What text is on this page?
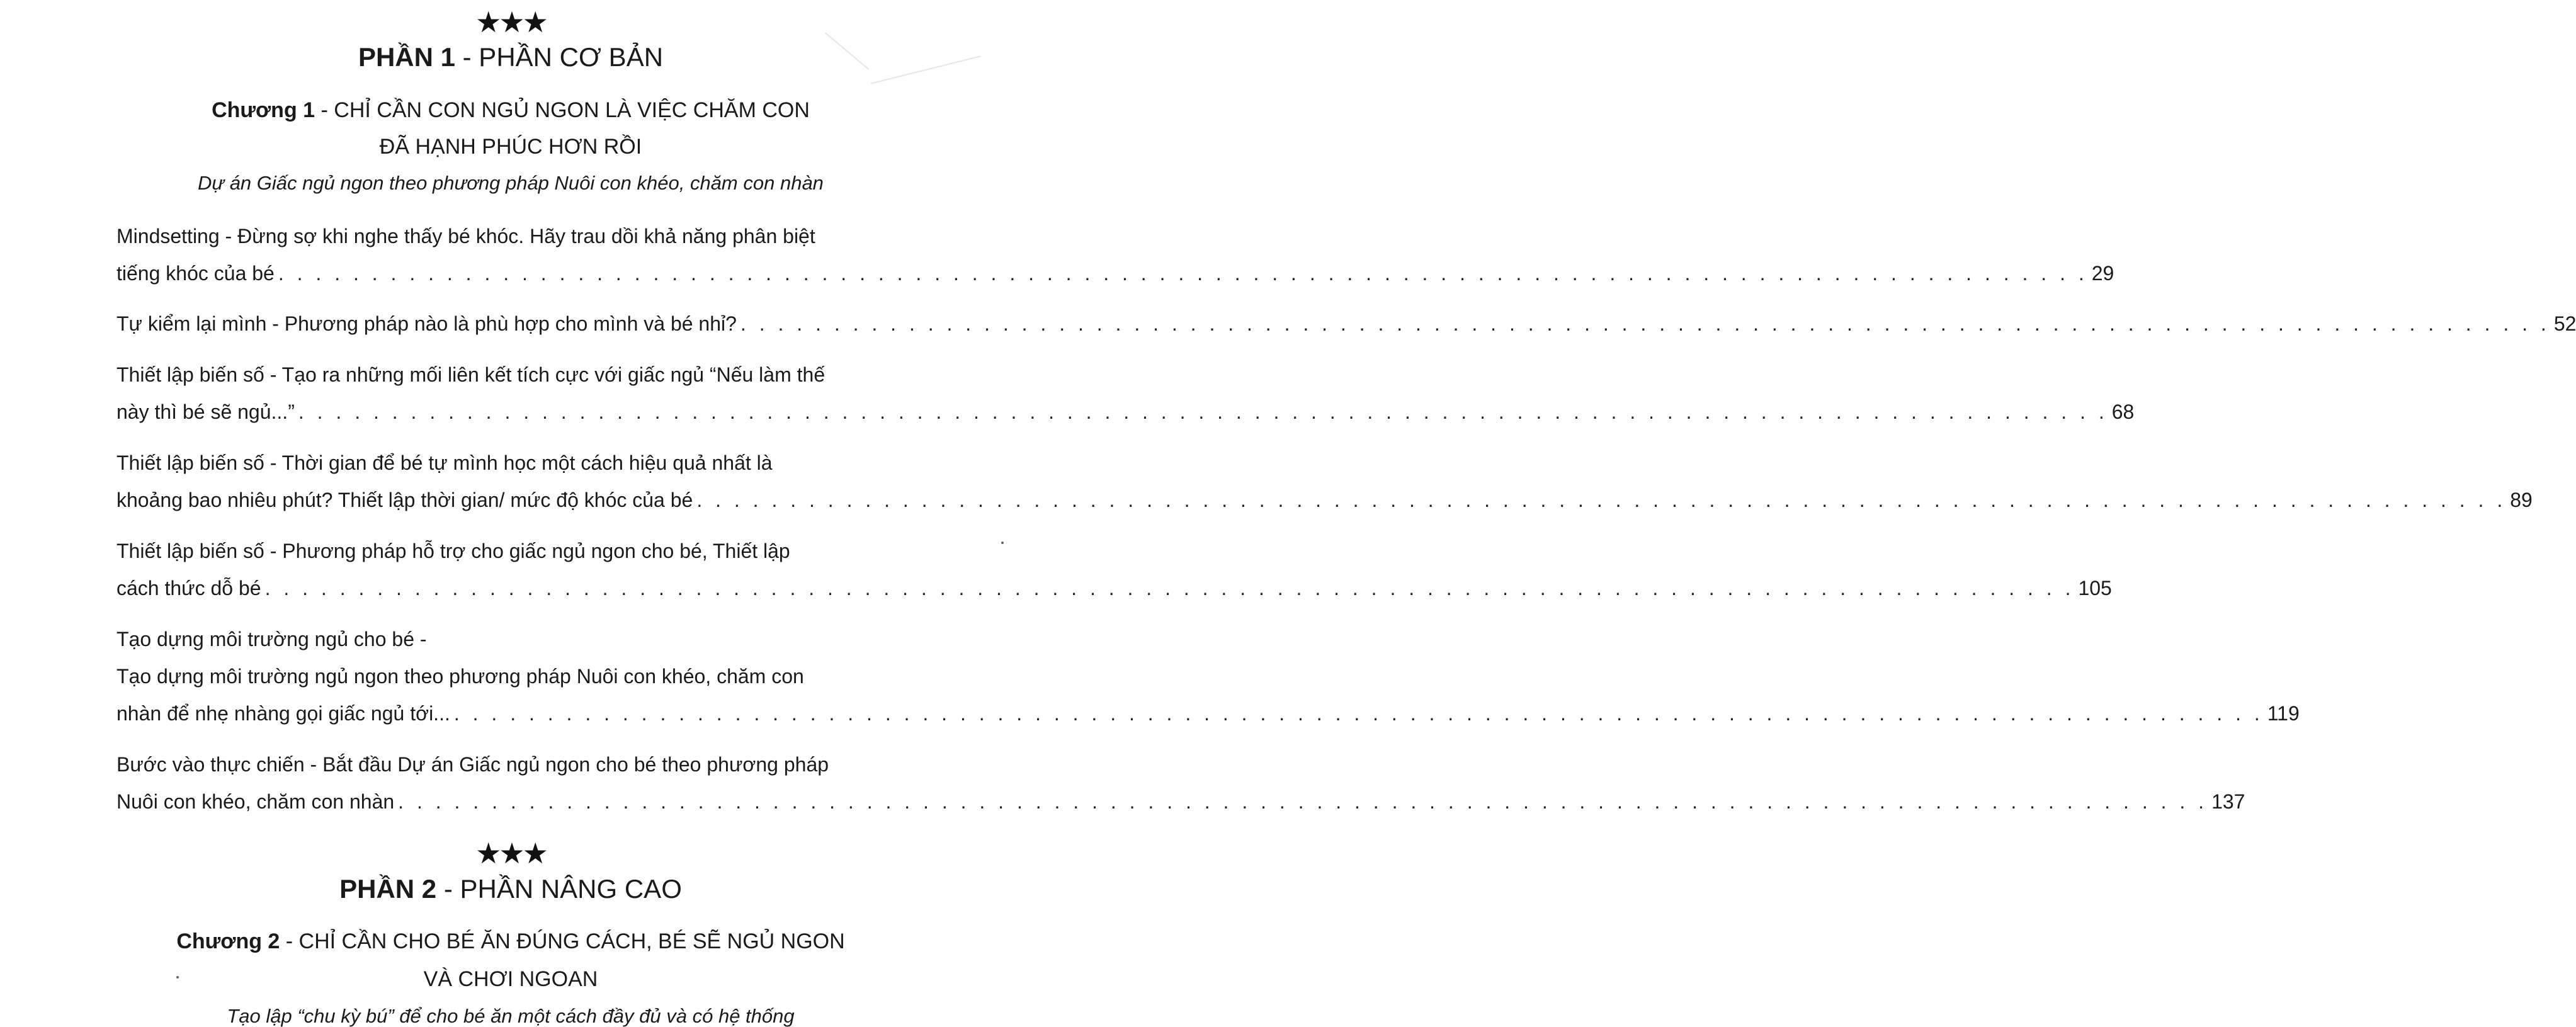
★★★
PHẦN 1 - PHẦN CƠ BẢN
Chương 1 - CHỈ CẦN CON NGỦ NGON LÀ VIỆC CHĂM CON
ĐÃ HẠNH PHÚC HƠN RỒI
Dự án Giấc ngủ ngon theo phương pháp Nuôi con khéo, chăm con nhàn
Mindsetting - Đừng sợ khi nghe thấy bé khóc. Hãy trau dồi khả năng phân biệt
tiếng khóc của bé . . . . . . . . . . . . . . . . . . . . . . . . . . . . . . . . . . . . . . . . . . . . . . . . . . . . . . . . . . . . . . . . . . . . . . . . . . . . . . . . . . . . . . . . . . . . . . . . . 29
Tự kiểm lại mình - Phương pháp nào là phù hợp cho mình và bé nhỉ? . . . . . . . . . . . . . . . . . . . . . . . . . . . . . . . . . . . . . . . . . . . . . . . . . . . . . . . . . . . . . . . . . . . . . . . . . . . . . . . . . . . . . . . . . . . . . . . . . 52
Thiết lập biến số - Tạo ra những mối liên kết tích cực với giấc ngủ “Nếu làm thế
này thì bé sẽ ngủ...” . . . . . . . . . . . . . . . . . . . . . . . . . . . . . . . . . . . . . . . . . . . . . . . . . . . . . . . . . . . . . . . . . . . . . . . . . . . . . . . . . . . . . . . . . . . . . . . . . 68
Thiết lập biến số - Thời gian để bé tự mình học một cách hiệu quả nhất là
khoảng bao nhiêu phút? Thiết lập thời gian/ mức độ khóc của bé . . . . . . . . . . . . . . . . . . . . . . . . . . . . . . . . . . . . . . . . . . . . . . . . . . . . . . . . . . . . . . . . . . . . . . . . . . . . . . . . . . . . . . . . . . . . . . . . . 89
Thiết lập biến số - Phương pháp hỗ trợ cho giấc ngủ ngon cho bé, Thiết lập
cách thức dỗ bé . . . . . . . . . . . . . . . . . . . . . . . . . . . . . . . . . . . . . . . . . . . . . . . . . . . . . . . . . . . . . . . . . . . . . . . . . . . . . . . . . . . . . . . . . . . . . . . . . 105
Tạo dựng môi trường ngủ cho bé -
Tạo dựng môi trường ngủ ngon theo phương pháp Nuôi con khéo, chăm con
nhàn để nhẹ nhàng gọi giấc ngủ tới... . . . . . . . . . . . . . . . . . . . . . . . . . . . . . . . . . . . . . . . . . . . . . . . . . . . . . . . . . . . . . . . . . . . . . . . . . . . . . . . . . . . . . . . . . . . . . . . . . 119
Bước vào thực chiến - Bắt đầu Dự án Giấc ngủ ngon cho bé theo phương pháp
Nuôi con khéo, chăm con nhàn . . . . . . . . . . . . . . . . . . . . . . . . . . . . . . . . . . . . . . . . . . . . . . . . . . . . . . . . . . . . . . . . . . . . . . . . . . . . . . . . . . . . . . . . . . . . . . . . . 137
★★★
PHẦN 2 - PHẦN NÂNG CAO
Chương 2 - CHỈ CẦN CHO BÉ ĂN ĐÚNG CÁCH, BÉ SẼ NGỦ NGON
VÀ CHƠI NGOAN
Tạo lập “chu kỳ bú” để cho bé ăn một cách đầy đủ và có hệ thống
